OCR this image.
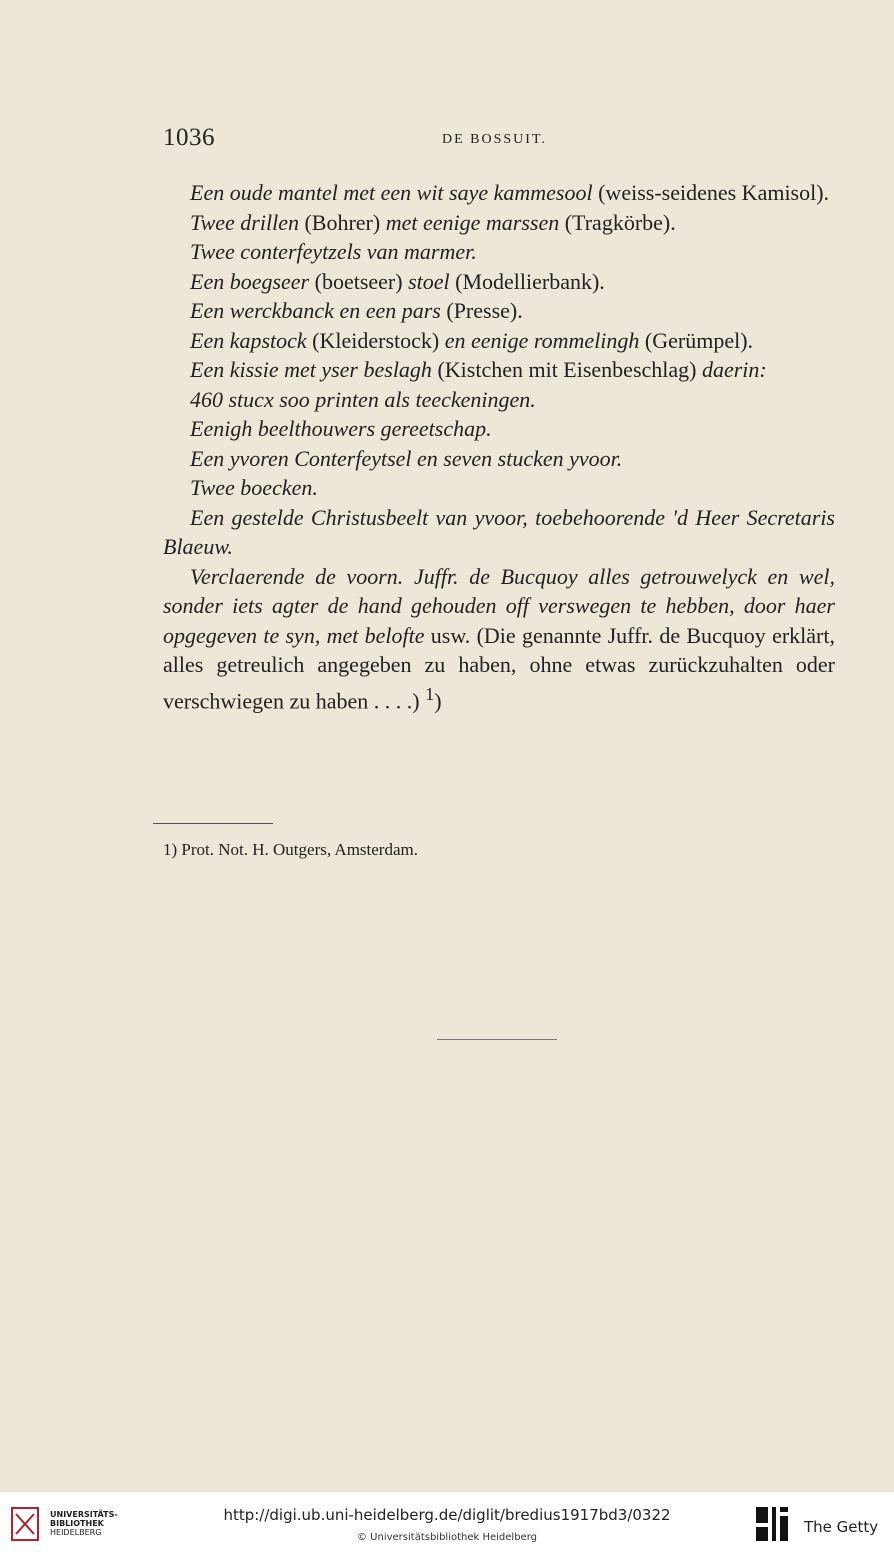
1036	DE BOSSUIT.

Een oude mantel met een wit saye kammesool (weiss-seidenes Kamisol).

Twee drillen (Bohrer) met eenige marssen (Tragkörbe).

Twee conterfeytzels van marmer.

Een boegseer (boetseer) stoel (Modellierbank).

Een werckbanck en een pars (Presse).

Een kapstock (Kleiderstock) en eenige rommelingh (Gerümpel).

Een kissie met yser beslagh (Kistchen mit Eisenbeschlag) daerin:

460 stucx soo printen als teeckeningen.

Eenigh beelthouwers gereetschap.

Een yvoren Conterfeytsel en seven stucken yvoor.

Twee boecken.

Een gestelde Christusbeelt van yvoor, toebehoorende 'd Heer Secretaris Blaeuw.

Verclaerende de voorn. Juffr. de Bucquoy alles getrouwelyck en wel, sonder iets agter de hand gehouden off verswegen te hebben, door haer opgegeven te syn, met belofte usw. (Die genannte Juffr. de Bucquoy erklärt, alles getreulich angegeben zu haben, ohne etwas zurückzuhalten oder verschwiegen zu haben . . . .) $^1$)

1) Prot. Not. H. Outgers, Amsterdam.
UNIVERSITÄTS-
BIBLIOTHEK
HEIDELBERG
http://digi.ub.uni-heidelberg.de/diglit/bredius1917bd3/0322
© Universitätsbibliothek Heidelberg
The Getty
